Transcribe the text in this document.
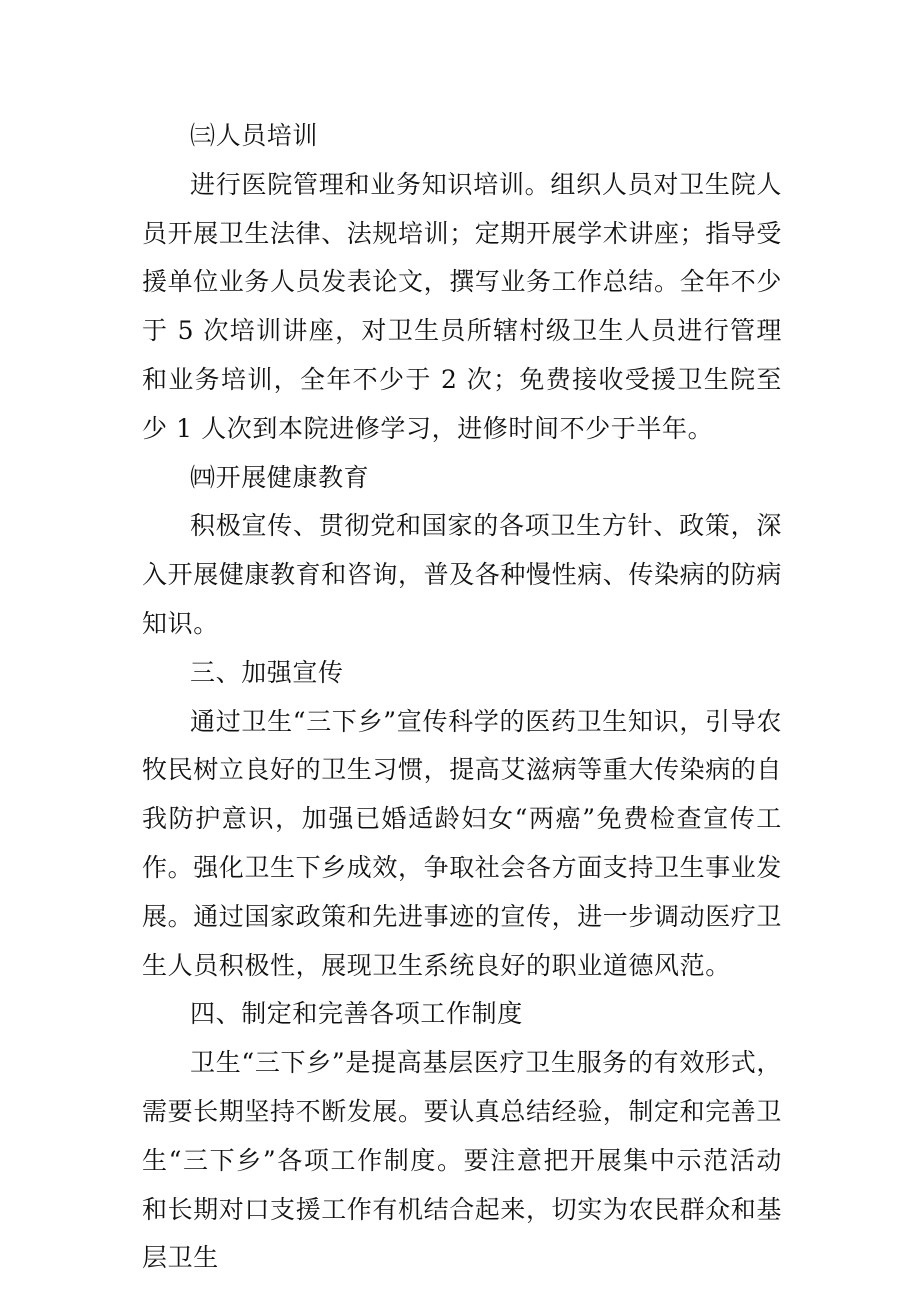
㈢人员培训

进行医院管理和业务知识培训。组织人员对卫生院人员开展卫生法律、法规培训；定期开展学术讲座；指导受援单位业务人员发表论文，撰写业务工作总结。全年不少于 5 次培训讲座，对卫生员所辖村级卫生人员进行管理和业务培训，全年不少于 2 次；免费接收受援卫生院至少 1 人次到本院进修学习，进修时间不少于半年。

㈣开展健康教育

积极宣传、贯彻党和国家的各项卫生方针、政策，深入开展健康教育和咨询，普及各种慢性病、传染病的防病知识。

三、加强宣传

通过卫生“三下乡”宣传科学的医药卫生知识，引导农牧民树立良好的卫生习惯，提高艾滋病等重大传染病的自我防护意识，加强已婚适龄妇女“两癌”免费检查宣传工作。强化卫生下乡成效，争取社会各方面支持卫生事业发展。通过国家政策和先进事迹的宣传，进一步调动医疗卫生人员积极性，展现卫生系统良好的职业道德风范。

四、制定和完善各项工作制度

卫生“三下乡”是提高基层医疗卫生服务的有效形式，需要长期坚持不断发展。要认真总结经验，制定和完善卫生“三下乡”各项工作制度。要注意把开展集中示范活动和长期对口支援工作有机结合起来，切实为农民群众和基层卫生
